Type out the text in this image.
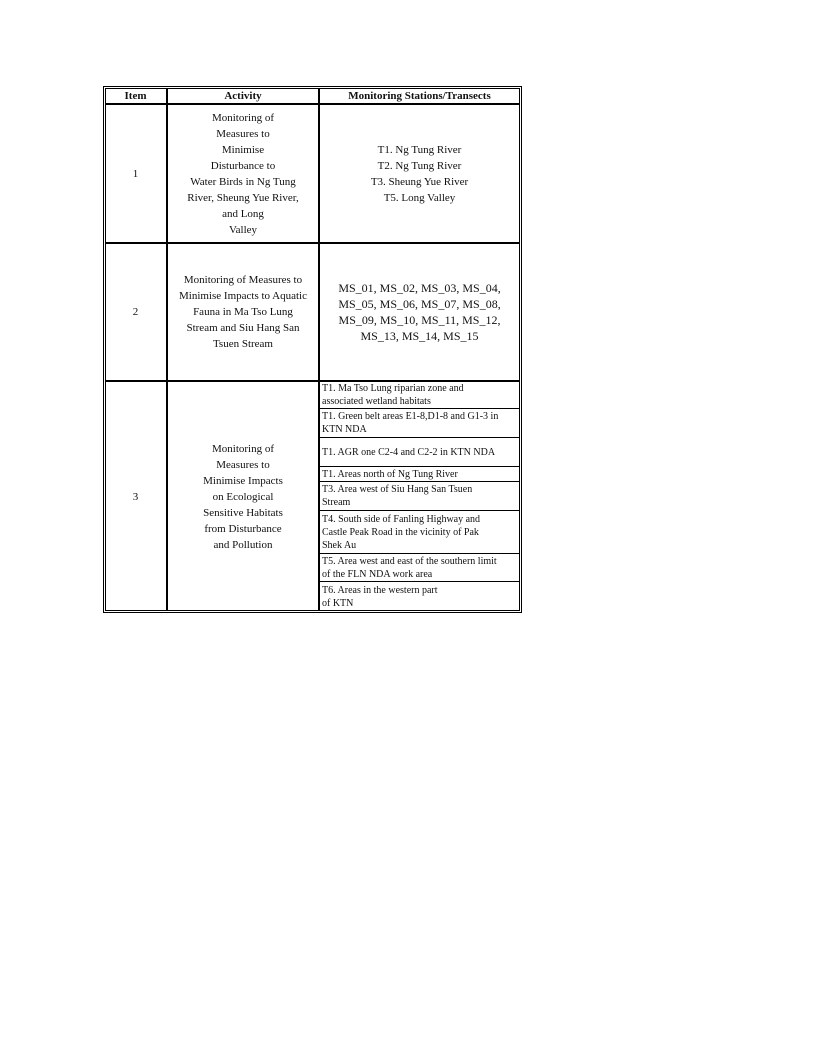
Item	Activity	Monitoring Stations/Transects
1
Monitoring of
Measures to
Minimise
Disturbance to
Water Birds in Ng Tung
River, Sheung Yue River,
and Long
Valley
T1. Ng Tung River
T2. Ng Tung River
T3. Sheung Yue River
T5. Long Valley
2
Monitoring of Measures to
Minimise Impacts to Aquatic
Fauna in Ma Tso Lung
Stream and Siu Hang San
Tsuen Stream
MS_01, MS_02, MS_03, MS_04,
MS_05, MS_06, MS_07, MS_08,
MS_09, MS_10, MS_11, MS_12,
MS_13, MS_14, MS_15
3
Monitoring of
Measures to
Minimise Impacts
on Ecological
Sensitive Habitats
from Disturbance
and Pollution
T1. Ma Tso Lung riparian zone and
associated wetland habitats
T1. Green belt areas E1-8,D1-8 and G1-3 in
KTN NDA
T1. AGR one C2-4 and C2-2 in KTN NDA
T1. Areas north of Ng Tung River
T3. Area west of Siu Hang San Tsuen
Stream
T4. South side of Fanling Highway and
Castle Peak Road in the vicinity of Pak
Shek Au
T5. Area west and east of the southern limit
of the FLN NDA work area
T6. Areas in the western part
of KTN
